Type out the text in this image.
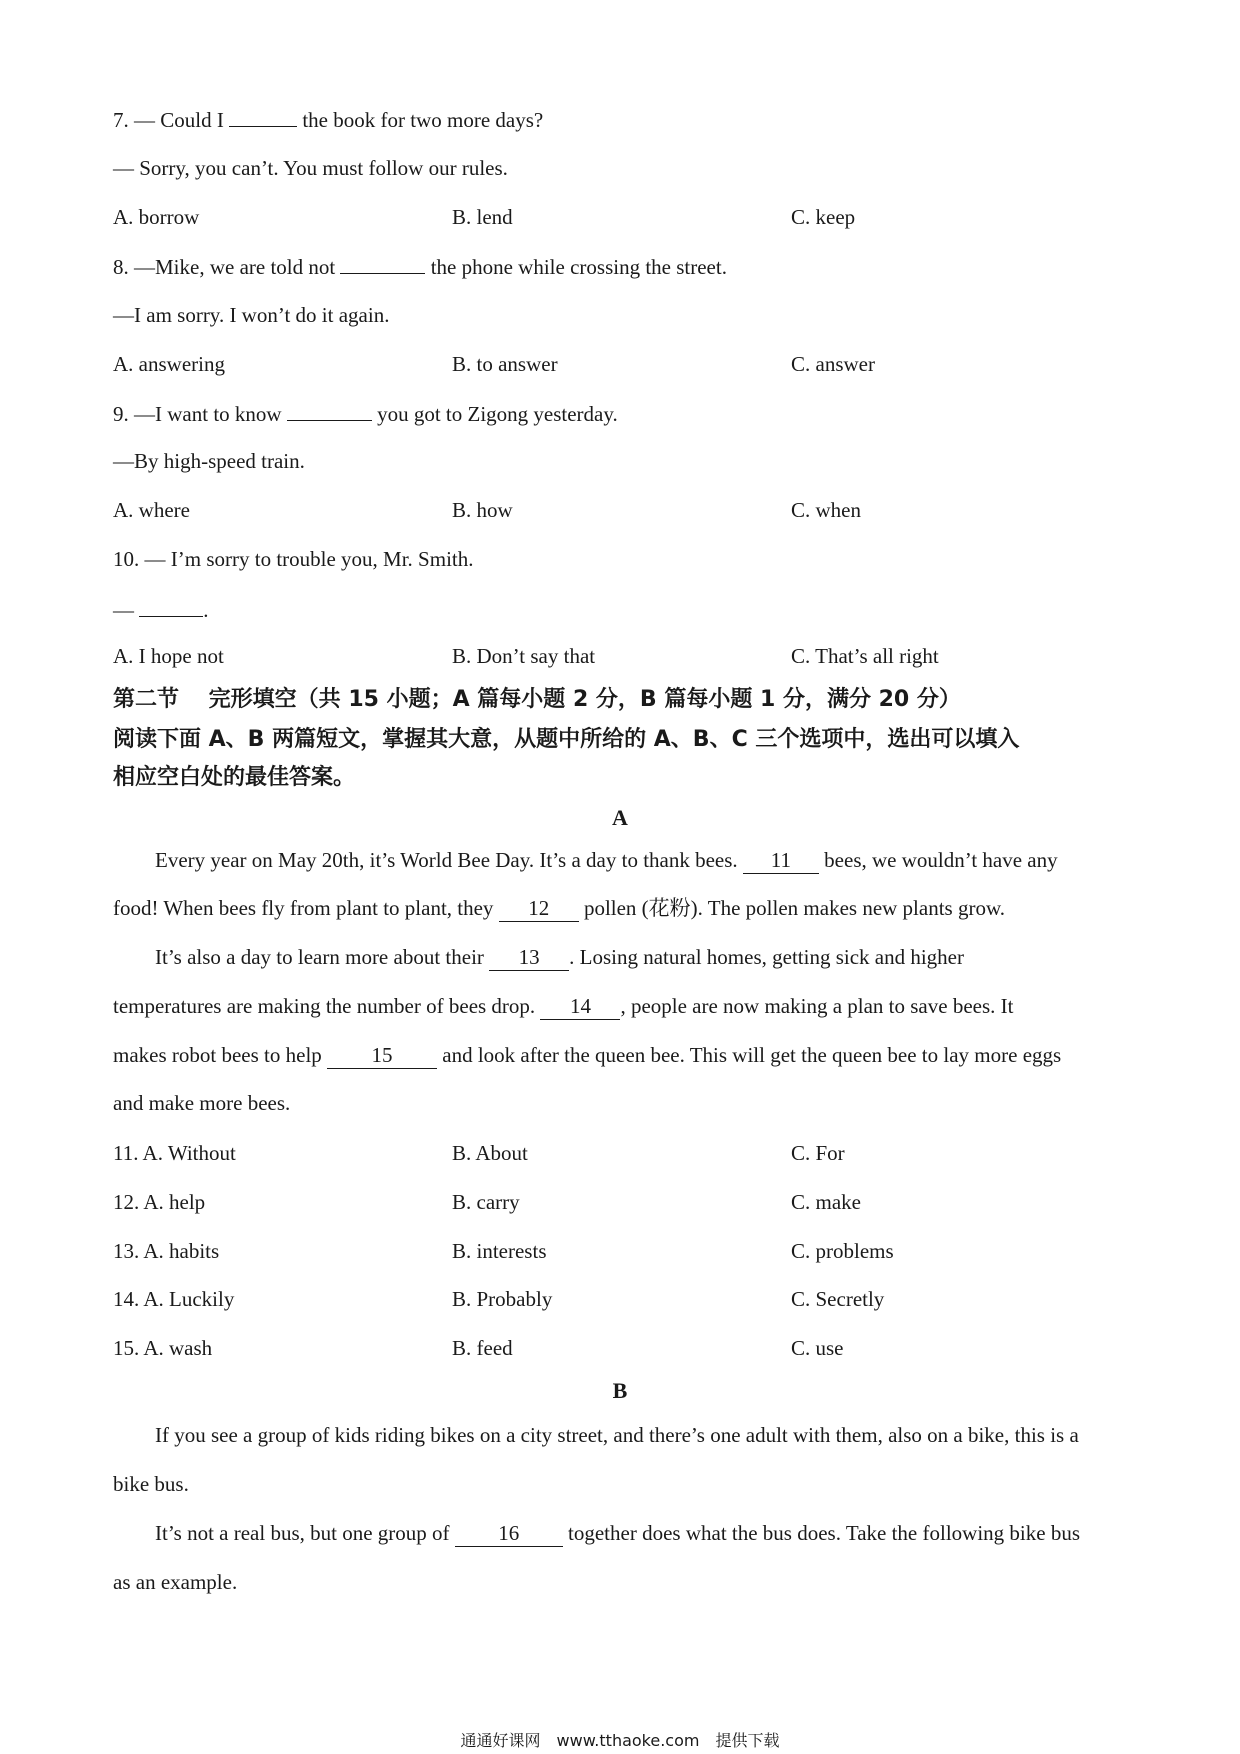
7. — Could I	the book for two more days?
— Sorry, you can’t. You must follow our rules.
A. borrow	B. lend	C. keep
8. —Mike, we are told not	the phone while crossing the street.
—I am sorry. I won’t do it again.
A. answering	B. to answer	C. answer
9. —I want to know	you got to Zigong yesterday.
—By high-speed train.
A. where	B. how	C. when
10. — I’m sorry to trouble you, Mr. Smith.
—	.
A. I hope not	B. Don’t say that	C. That’s all right
第二节　 完形填空（共 15 小题；A 篇每小题 2 分，B 篇每小题 1 分，满分 20 分）
阅读下面 A、B 两篇短文，掌握其大意，从题中所给的 A、B、C 三个选项中，选出可以填入
相应空白处的最佳答案。
A
Every year on May 20th, it’s World Bee Day. It’s a day to thank bees. 11 bees, we wouldn’t have any
food! When bees fly from plant to plant, they 12 pollen (花粉). The pollen makes new plants grow.
It’s also a day to learn more about their 13 . Losing natural homes, getting sick and higher
temperatures are making the number of bees drop. 14 , people are now making a plan to save bees. It
makes robot bees to help 15 and look after the queen bee. This will get the queen bee to lay more eggs
and make more bees.
11. A. Without	B. About	C. For
12. A. help	B. carry	C. make
13. A. habits	B. interests	C. problems
14. A. Luckily	B. Probably	C. Secretly
15. A. wash	B. feed	C. use
B
If you see a group of kids riding bikes on a city street, and there’s one adult with them, also on a bike, this is a
bike bus.
It’s not a real bus, but one group of 16 together does what the bus does. Take the following bike bus
as an example.
通通好课网　www.tthaoke.com　提供下载
